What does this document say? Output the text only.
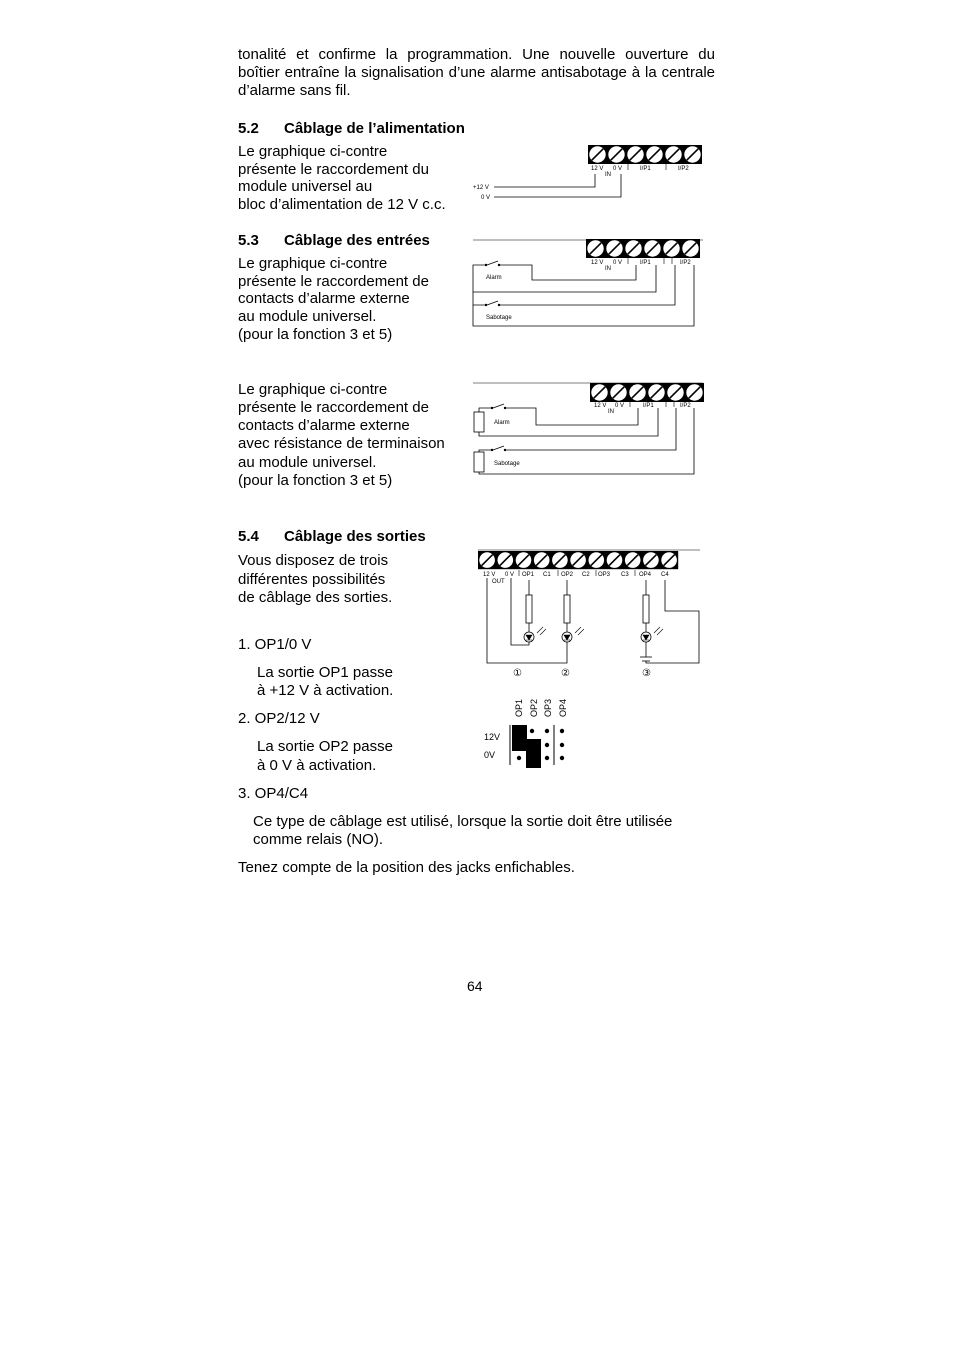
tonalité et confirme la programmation. Une nouvelle ouverture du boîtier entraîne la signalisation d’une alarme antisabotage à la centrale d’alarme sans fil.
5.2 Câblage de l’alimentation
Le graphique ci-contre
présente le raccordement du
module universel au
bloc d’alimentation de 12 V c.c.
12 V 0 V
IN
I/P1	I/P2
+12 V
0 V
5.3 Câblage des entrées
Le graphique ci-contre
présente le raccordement de
contacts d’alarme externe
au module universel.
(pour la fonction 3 et 5)
12 V 0 V
IN
I/P1	I/P2
Alarm
Sabotage
Le graphique ci-contre
présente le raccordement de
contacts d’alarme externe
avec résistance de terminaison
au module universel.
(pour la fonction 3 et 5)
12 V 0 V
IN
I/P1	I/P2
Alarm
Sabotage
5.4 Câblage des sorties
Vous disposez de trois
différentes possibilités
de câblage des sorties.
1. OP1/0 V
La sortie OP1 passe
à +12 V à activation.
2. OP2/12 V
La sortie OP2 passe
à 0 V à activation.
3. OP4/C4
Ce type de câblage est utilisé, lorsque la sortie doit être utilisée comme relais (NO).
Tenez compte de la position des jacks enfichables.
12 V 0 V
OUT
OP1 C1 OP2 C2 OP3 C3 OP4 C4
①	②	③
OP1 OP2 OP3 OP4
12V
0V
64
